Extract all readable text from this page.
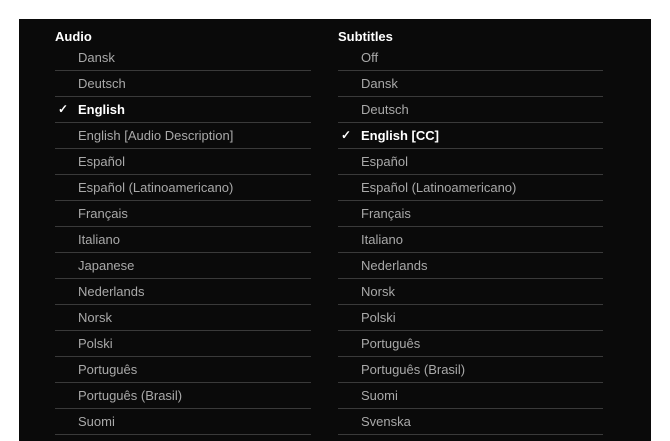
Audio
Dansk
Deutsch
✓ English
English [Audio Description]
Español
Español (Latinoamericano)
Français
Italiano
Japanese
Nederlands
Norsk
Polski
Português
Português (Brasil)
Suomi
Subtitles
Off
Dansk
Deutsch
✓ English [CC]
Español
Español (Latinoamericano)
Français
Italiano
Nederlands
Norsk
Polski
Português
Português (Brasil)
Suomi
Svenska
